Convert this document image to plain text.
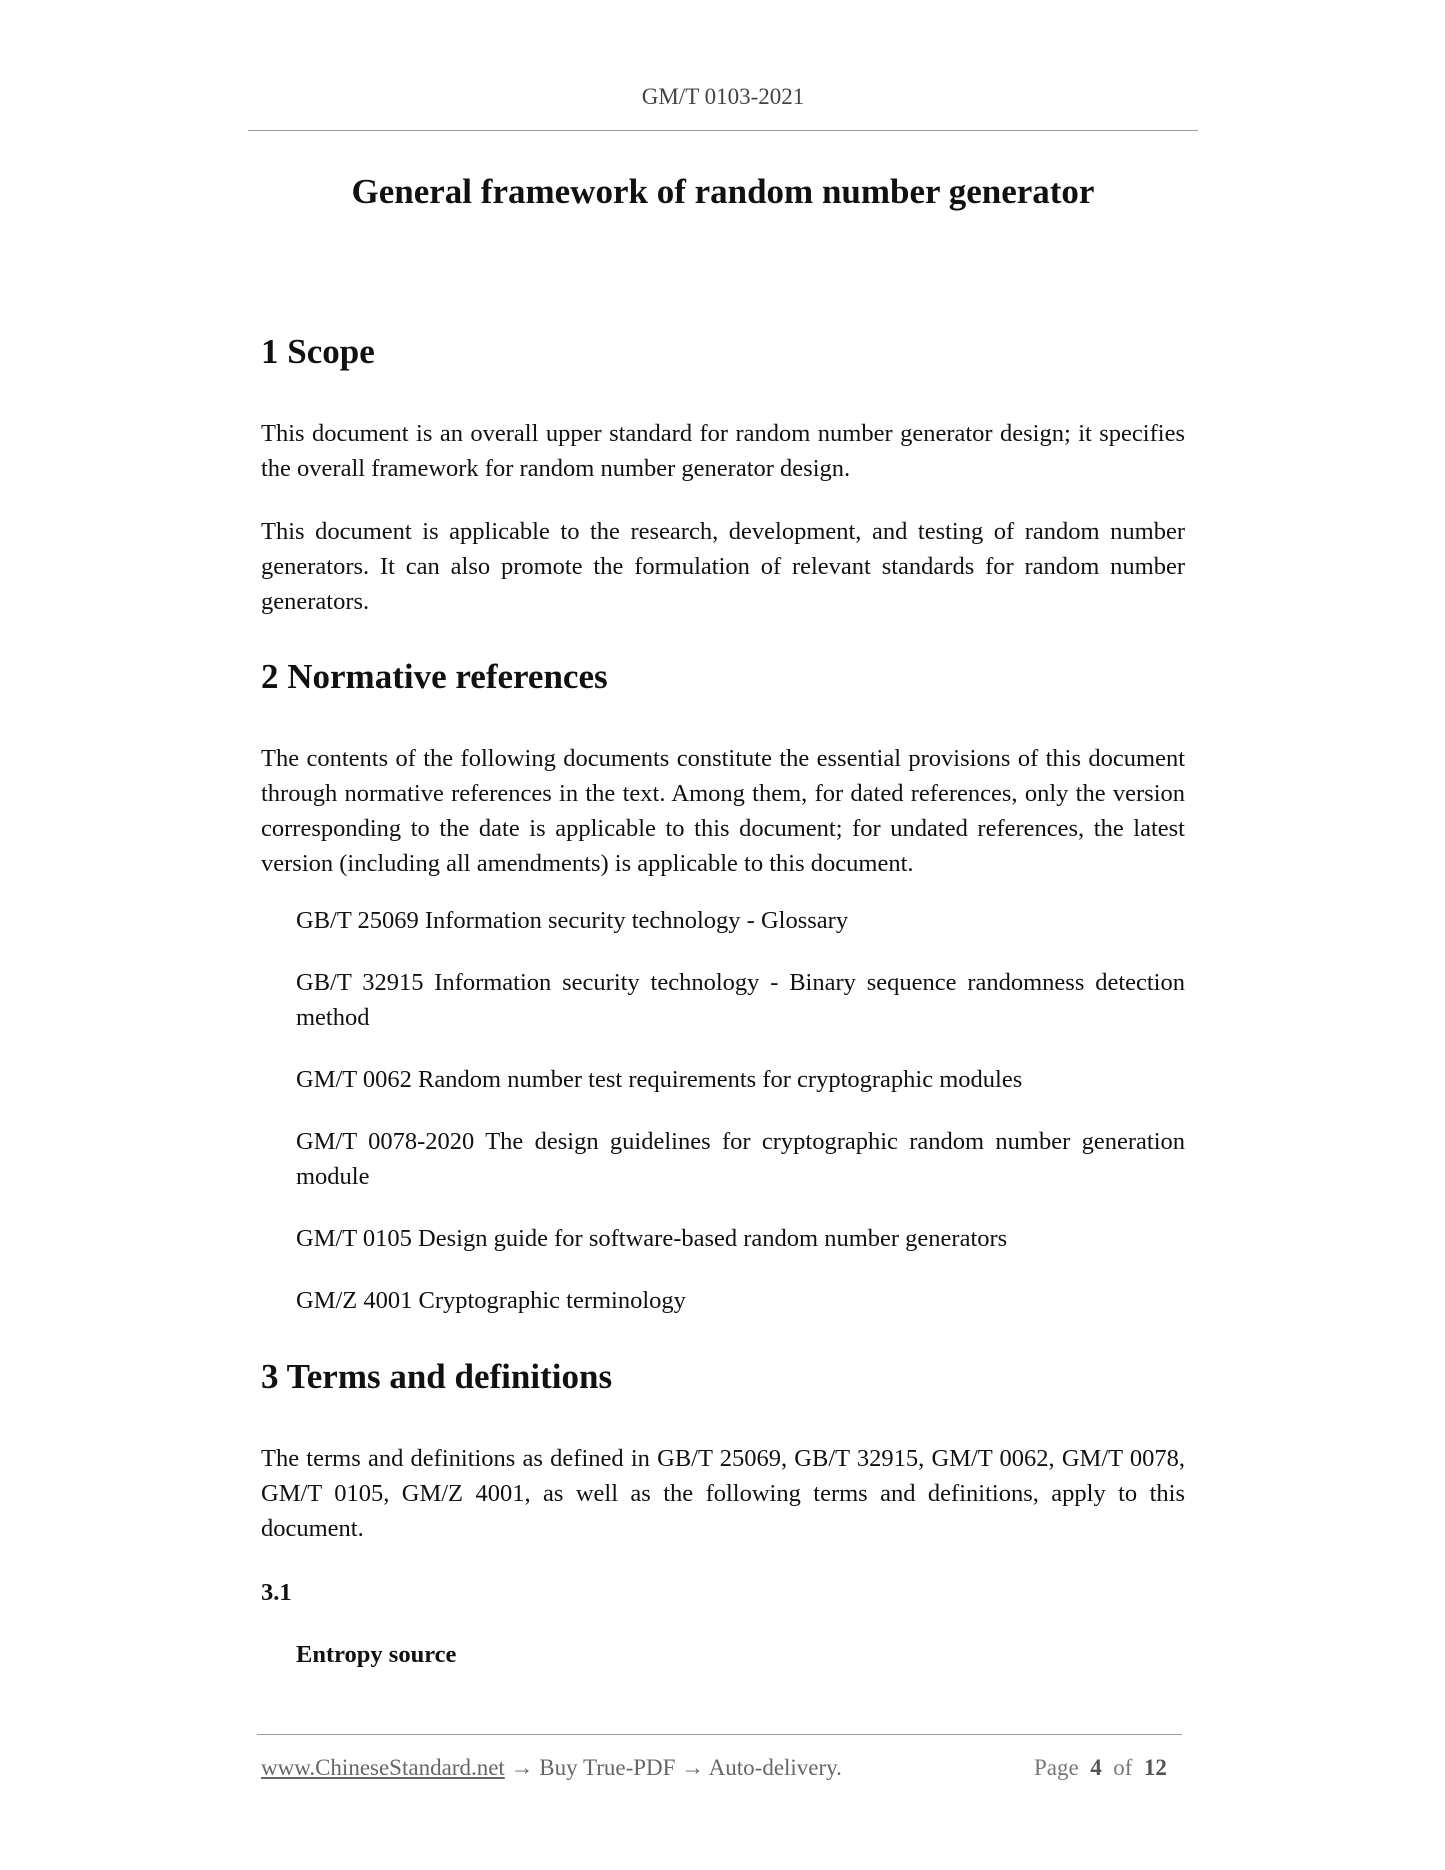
GM/T 0103-2021
General framework of random number generator
1 Scope

This document is an overall upper standard for random number generator design; it specifies the overall framework for random number generator design.

This document is applicable to the research, development, and testing of random number generators. It can also promote the formulation of relevant standards for random number generators.

2 Normative references

The contents of the following documents constitute the essential provisions of this document through normative references in the text. Among them, for dated references, only the version corresponding to the date is applicable to this document; for undated references, the latest version (including all amendments) is applicable to this document.

GB/T 25069 Information security technology - Glossary

GB/T 32915 Information security technology - Binary sequence randomness detection method

GM/T 0062 Random number test requirements for cryptographic modules

GM/T 0078-2020 The design guidelines for cryptographic random number generation module

GM/T 0105 Design guide for software-based random number generators

GM/Z 4001 Cryptographic terminology

3 Terms and definitions

The terms and definitions as defined in GB/T 25069, GB/T 32915, GM/T 0062, GM/T 0078, GM/T 0105, GM/Z 4001, as well as the following terms and definitions, apply to this document.

3.1

Entropy source

www.ChineseStandard.net → Buy True-PDF → Auto-delivery.	Page 4 of 12
